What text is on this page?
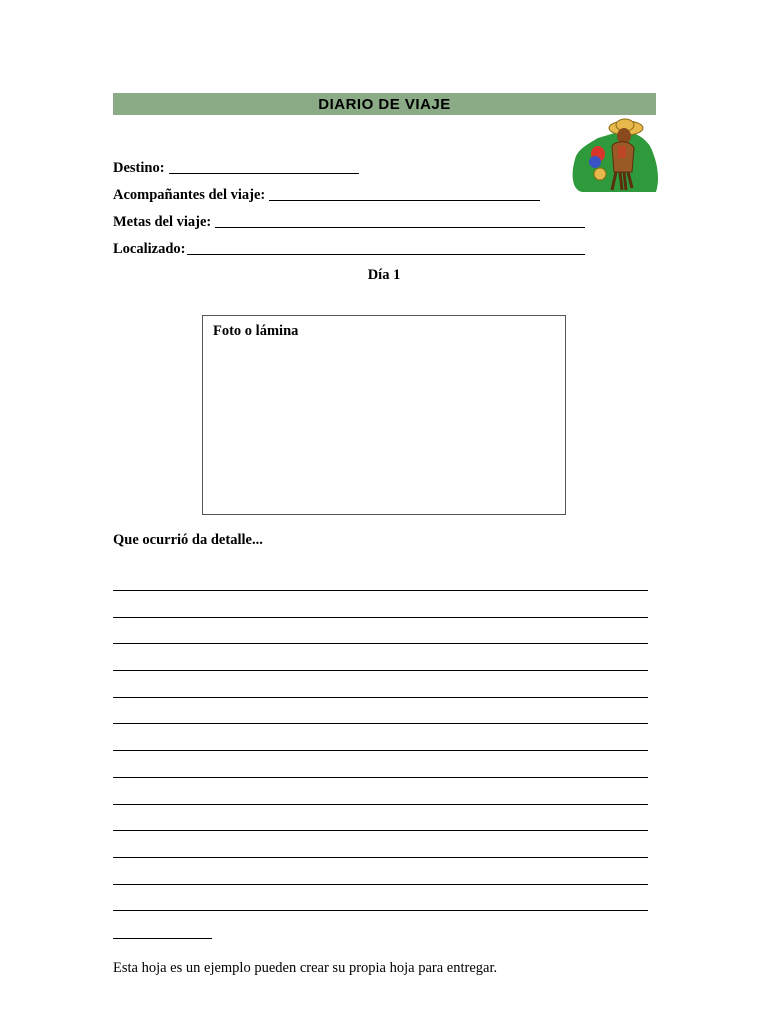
DIARIO DE VIAJE
Destino:
Acompañantes del viaje:
Metas del viaje:
Localizado:
Día 1
Foto o lámina
Que ocurrió da detalle...
Esta hoja es un ejemplo pueden crear su propia hoja para entregar.
